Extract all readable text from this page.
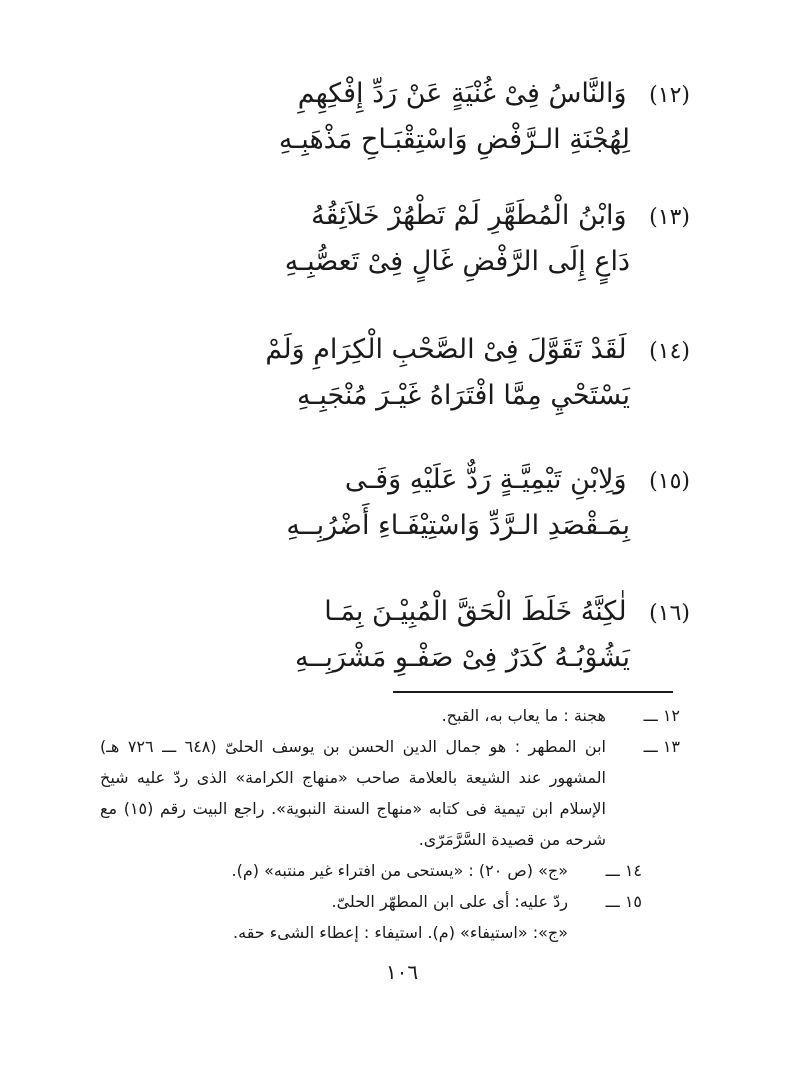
(١٢) وَالنَّاسُ فِىْ غُنْيَةٍ عَنْ رَدِّ إِفْكِهِمِ
لِهُجْنَةِ الـرَّفْضِ وَاسْتِقْبَـاحِ مَذْهَبِـهِ
(١٣) وَابْنُ الْمُطَهَّرِ لَمْ تَطْهُرْ خَلاَئِقُهُ
دَاعٍ إِلَى الرَّفْضِ غَالٍ فِىْ تَعصُّبِـهِ
(١٤) لَقَدْ تَقَوَّلَ فِىْ الصَّحْبِ الْكِرَامِ وَلَمْ
يَسْتَحْيِ مِمَّا افْتَرَاهُ غَيْـرَ مُنْجَبِـهِ
(١٥) وَلِابْنِ تَيْمِيَّـةٍ رَدٌّ عَلَيْهِ وَفَـى
بِمَـقْصَدِ الـرَّدِّ وَاسْتِيْفَـاءِ أَضْرُبِــهِ
(١٦) لٰكِنَّهُ خَلَطَ الْحَقَّ الْمُبِيْـنَ بِمَـا
يَشُوْبُـهُ كَدَرٌ فِىْ صَفْـوِ مَشْرَبِــهِ
١٢ ـــ
هجنة : ما يعاب به، القبح.
١٣ ـــ
ابن المطهر : هو جمال الدين الحسن بن يوسف الحلىّ (٦٤٨ ـــ ٧٢٦ هـ) المشهور عند الشيعة بالعلامة صاحب «منهاج الكرامة» الذى ردّ عليه شيخ الإسلام ابن تيمية فى كتابه «منهاج السنة النبوية». راجع البيت رقم (١٥) مع شرحه من قصيدة السَّرَّمَرّى.
١٤ ـــ
«ج» (ص ٢٠) : «يستحى من افتراء غير منتبه» (م).
١٥ ـــ
ردّ عليه: أى على ابن المطهّر الحلىّ.
«ج»: «استيفاء» (م). استيفاء : إعطاء الشىء حقه.
١٠٦
